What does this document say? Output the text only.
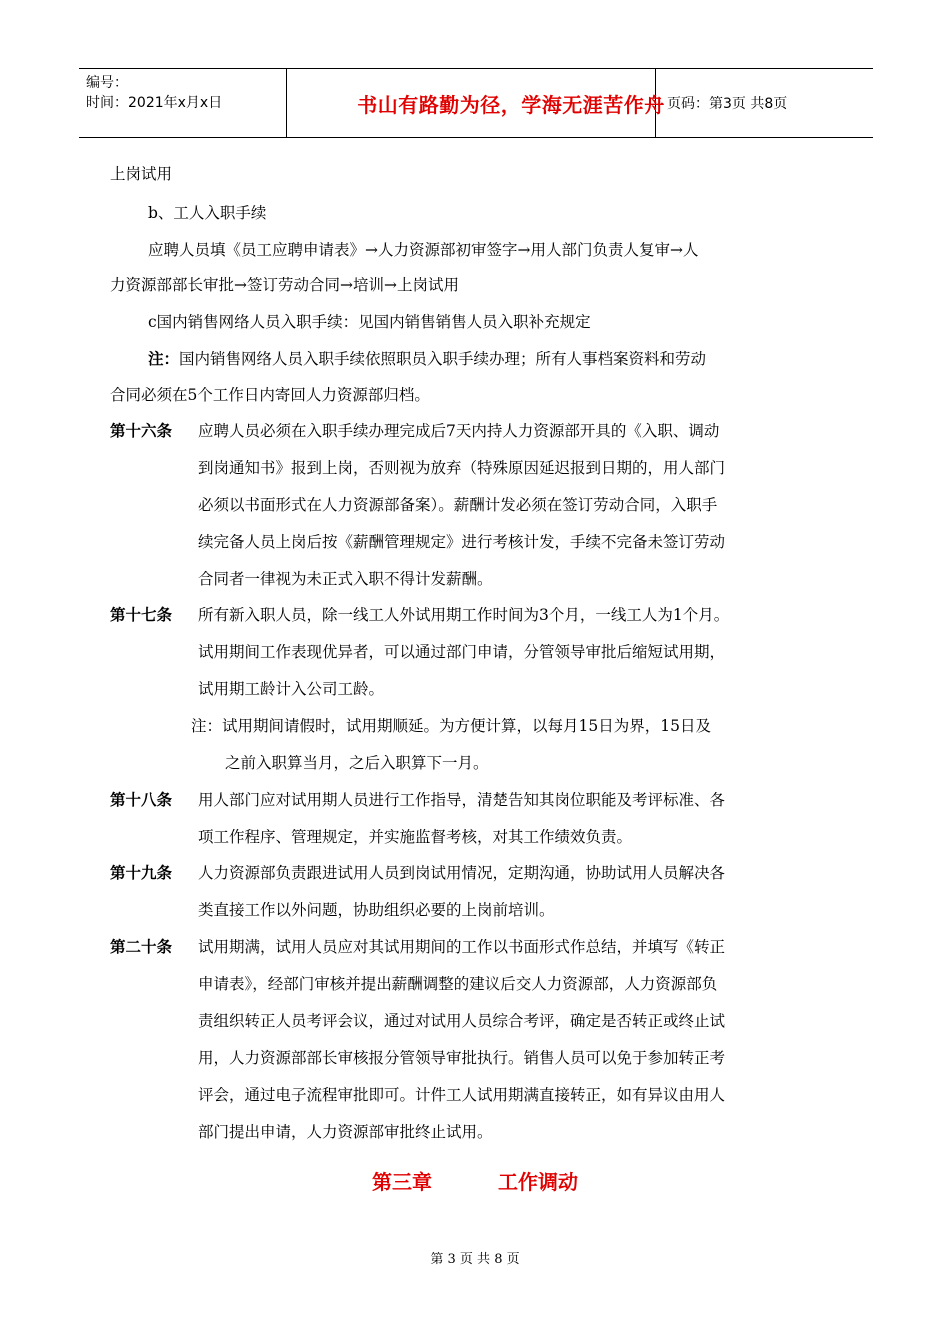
编号：
时间：2021年x月x日	书山有路勤为径，学海无涯苦作舟 页码：第3页 共8页
上岗试用
b、工人入职手续
应聘人员填《员工应聘申请表》→人力资源部初审签字→用人部门负责人复审→人
力资源部部长审批→签订劳动合同→培训→上岗试用
c国内销售网络人员入职手续：见国内销售销售人员入职补充规定
注：国内销售网络人员入职手续依照职员入职手续办理；所有人事档案资料和劳动
合同必须在5个工作日内寄回人力资源部归档。
第十六条 应聘人员必须在入职手续办理完成后7天内持人力资源部开具的《入职、调动
到岗通知书》报到上岗，否则视为放弃（特殊原因延迟报到日期的，用人部门
必须以书面形式在人力资源部备案）。薪酬计发必须在签订劳动合同，入职手
续完备人员上岗后按《薪酬管理规定》进行考核计发，手续不完备未签订劳动
合同者一律视为未正式入职不得计发薪酬。
第十七条 所有新入职人员，除一线工人外试用期工作时间为3个月，一线工人为1个月。
试用期间工作表现优异者，可以通过部门申请，分管领导审批后缩短试用期，
试用期工龄计入公司工龄。
注：试用期间请假时，试用期顺延。为方便计算，以每月15日为界，15日及
之前入职算当月，之后入职算下一月。
第十八条 用人部门应对试用期人员进行工作指导，清楚告知其岗位职能及考评标准、各
项工作程序、管理规定，并实施监督考核，对其工作绩效负责。
第十九条 人力资源部负责跟进试用人员到岗试用情况，定期沟通，协助试用人员解决各
类直接工作以外问题，协助组织必要的上岗前培训。
第二十条 试用期满，试用人员应对其试用期间的工作以书面形式作总结，并填写《转正
申请表》，经部门审核并提出薪酬调整的建议后交人力资源部，人力资源部负
责组织转正人员考评会议，通过对试用人员综合考评，确定是否转正或终止试
用，人力资源部部长审核报分管领导审批执行。销售人员可以免于参加转正考
评会，通过电子流程审批即可。计件工人试用期满直接转正，如有异议由用人
部门提出申请，人力资源部审批终止试用。
第三章	工作调动
第 3 页 共 8 页
